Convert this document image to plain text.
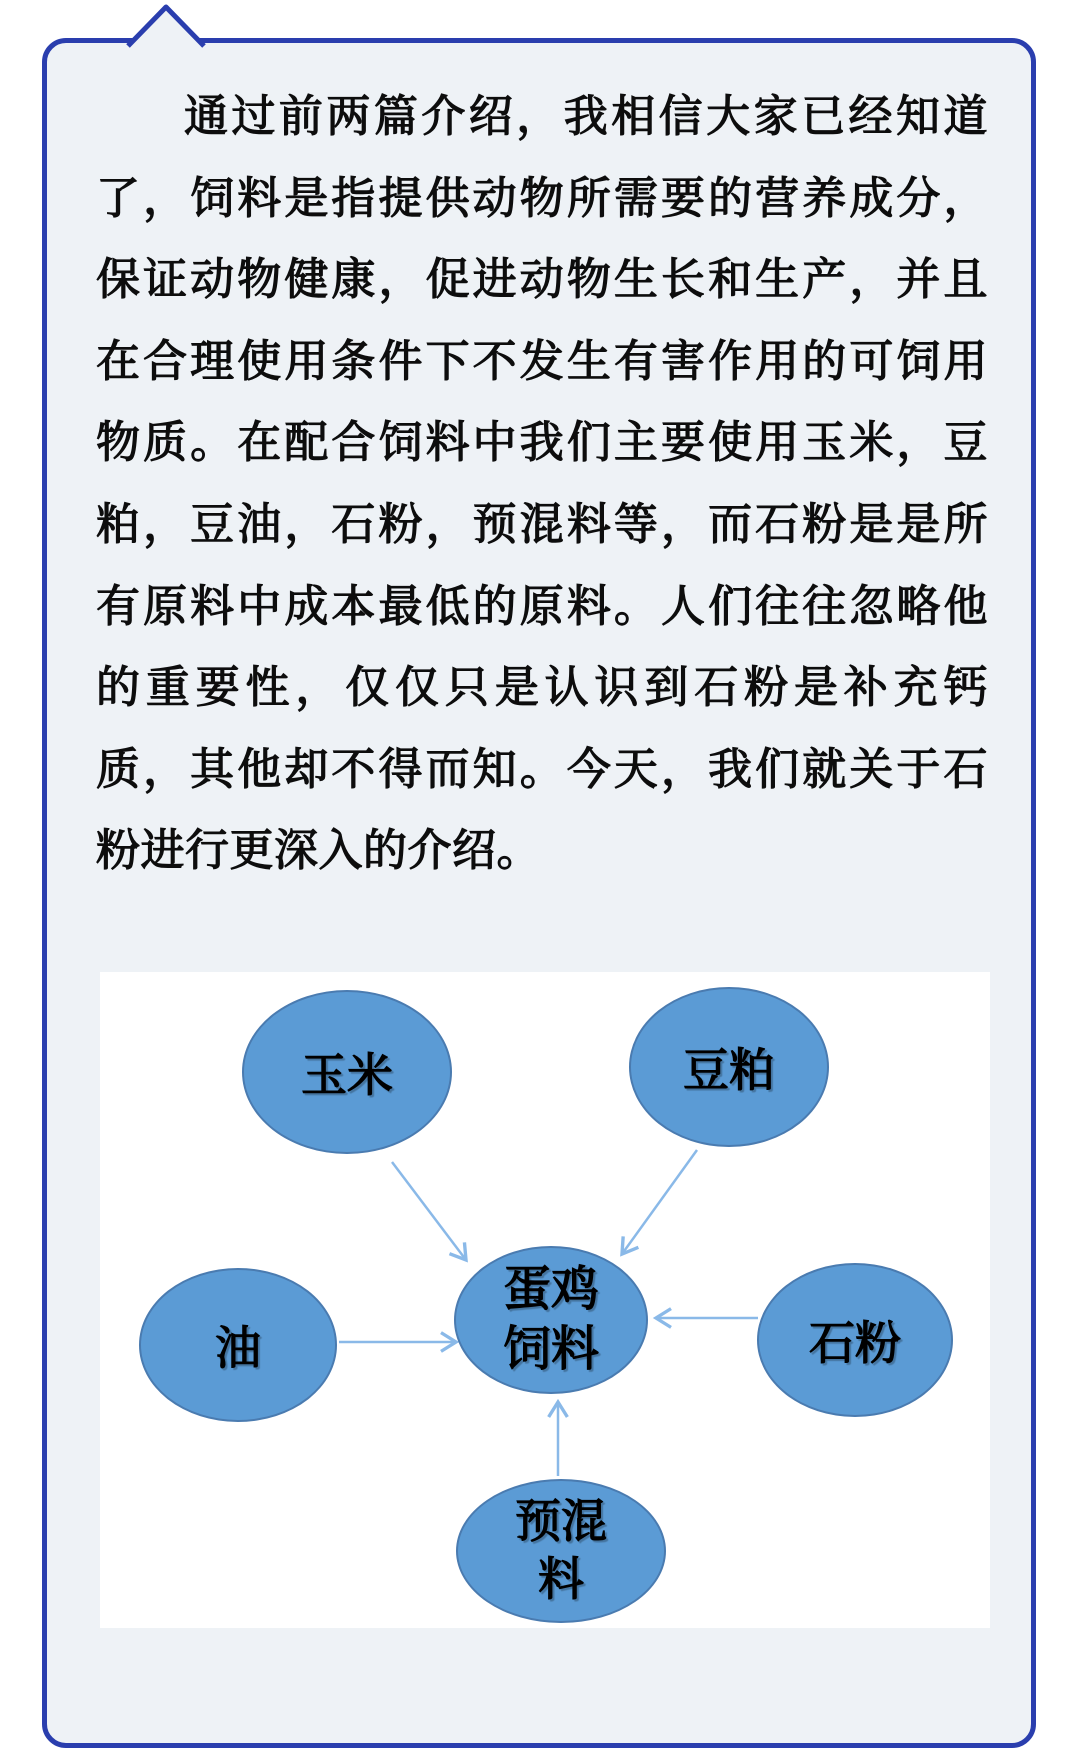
通过前两篇介绍，我相信大家已经知道
了，饲料是指提供动物所需要的营养成分，
保证动物健康，促进动物生长和生产，并且
在合理使用条件下不发生有害作用的可饲用
物质。在配合饲料中我们主要使用玉米，豆
粕，豆油，石粉，预混料等，而石粉是是所
有原料中成本最低的原料。人们往往忽略他
的重要性，仅仅只是认识到石粉是补充钙
质，其他却不得而知。今天，我们就关于石
粉进行更深入的介绍。
玉米	豆粕
油
蛋鸡
饲料	石粉
预混
料
